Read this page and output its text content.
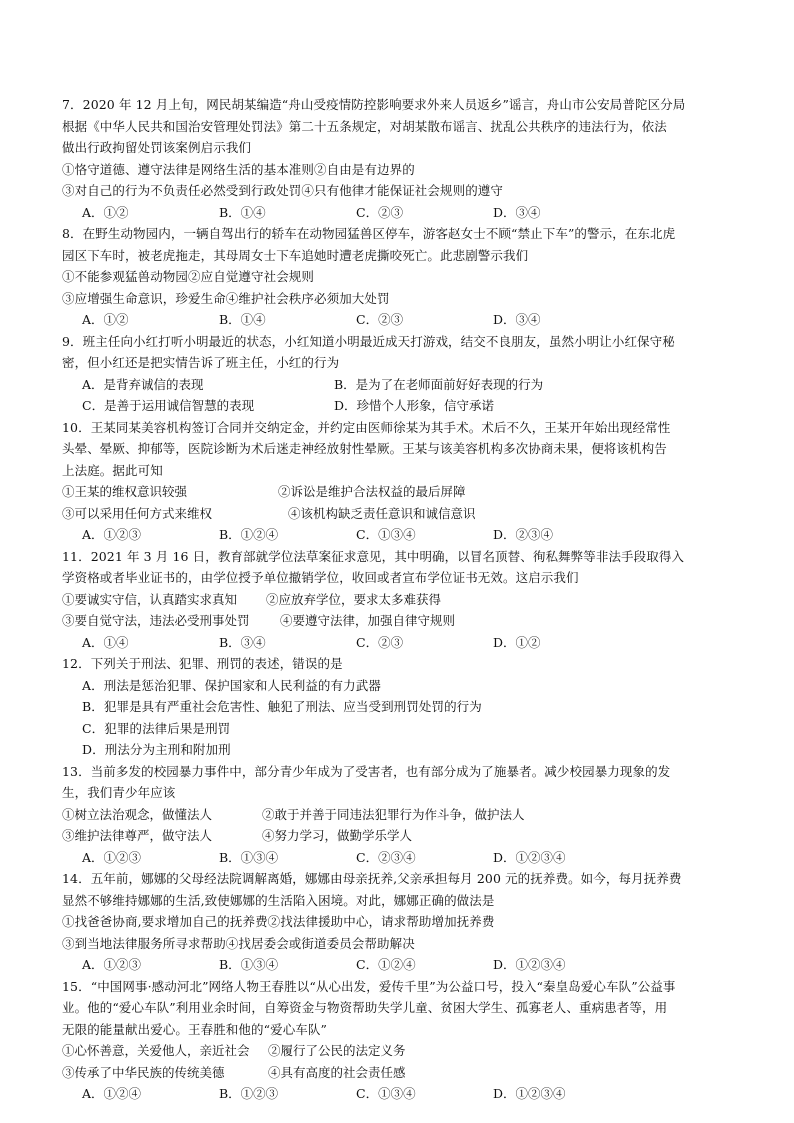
7．2020 年 12 月上旬，网民胡某编造“舟山受疫情防控影响要求外来人员返乡”谣言，舟山市公安局普陀区分局
根据《中华人民共和国治安管理处罚法》第二十五条规定，对胡某散布谣言、扰乱公共秩序的违法行为，依法
做出行政拘留处罚该案例启示我们
①恪守道德、遵守法律是网络生活的基本准则②自由是有边界的
③对自己的行为不负责任必然受到行政处罚④只有他律才能保证社会规则的遵守
A．①②	B．①④	C．②③	D．③④
8．在野生动物园内，一辆自驾出行的轿车在动物园猛兽区停车，游客赵女士不顾“禁止下车”的警示，在东北虎
园区下车时，被老虎拖走，其母周女士下车追她时遭老虎撕咬死亡。此悲剧警示我们
①不能参观猛兽动物园②应自觉遵守社会规则
③应增强生命意识，珍爱生命④维护社会秩序必须加大处罚
A．①②	B．①④	C．②③	D．③④
9．班主任向小红打听小明最近的状态，小红知道小明最近成天打游戏，结交不良朋友，虽然小明让小红保守秘
密，但小红还是把实情告诉了班主任，小红的行为
A．是背弃诚信的表现	B．是为了在老师面前好好表现的行为
C．是善于运用诚信智慧的表现	D．珍惜个人形象，信守承诺
10．王某同某美容机构签订合同并交纳定金，并约定由医师徐某为其手术。术后不久，王某开年始出现经常性
头晕、晕厥、抑郁等，医院诊断为术后迷走神经放射性晕厥。王某与该美容机构多次协商未果，便将该机构告
上法庭。据此可知
①王某的维权意识较强	②诉讼是维护合法权益的最后屏障
③可以采用任何方式来维权	④该机构缺乏责任意识和诚信意识
A．①②③	B．①②④	C．①③④	D．②③④
11．2021 年 3 月 16 日，教育部就学位法草案征求意见，其中明确，以冒名顶替、徇私舞弊等非法手段取得入
学资格或者毕业证书的，由学位授予单位撤销学位，收回或者宣布学位证书无效。这启示我们
①要诚实守信，认真踏实求真知	②应放弃学位，要求太多难获得
③要自觉守法，违法必受刑事处罚	④要遵守法律，加强自律守规则
A．①④	B．③④	C．②③	D．①②
12．下列关于刑法、犯罪、刑罚的表述，错误的是
A．刑法是惩治犯罪、保护国家和人民利益的有力武器
B．犯罪是具有严重社会危害性、触犯了刑法、应当受到刑罚处罚的行为
C．犯罪的法律后果是刑罚
D．刑法分为主刑和附加刑
13．当前多发的校园暴力事件中，部分青少年成为了受害者，也有部分成为了施暴者。减少校园暴力现象的发
生，我们青少年应该
①树立法治观念，做懂法人	②敢于并善于同违法犯罪行为作斗争，做护法人
③维护法律尊严，做守法人	④努力学习，做勤学乐学人
A．①②③	B．①③④	C．②③④	D．①②③④
14．五年前，娜娜的父母经法院调解离婚，娜娜由母亲抚养,父亲承担每月 200 元的抚养费。如今，每月抚养费
显然不够维持娜娜的生活,致使娜娜的生活陷入困境。对此，娜娜正确的做法是
①找爸爸协商,要求增加自己的抚养费②找法律援助中心，请求帮助增加抚养费
③到当地法律服务所寻求帮助④找居委会或街道委员会帮助解决
A．①②③	B．①③④	C．①②④	D．①②③④
15．“中国网事·感动河北”网络人物王春胜以“从心出发，爱传千里”为公益口号，投入“秦皇岛爱心车队”公益事
业。他的“爱心车队”利用业余时间，自筹资金与物资帮助失学儿童、贫困大学生、孤寡老人、重病患者等，用
无限的能量献出爱心。王春胜和他的“爱心车队”
①心怀善意，关爱他人，亲近社会	②履行了公民的法定义务
③传承了中华民族的传统美德	④具有高度的社会责任感
A．①②④	B．①②③	C．①③④	D．①②③④
